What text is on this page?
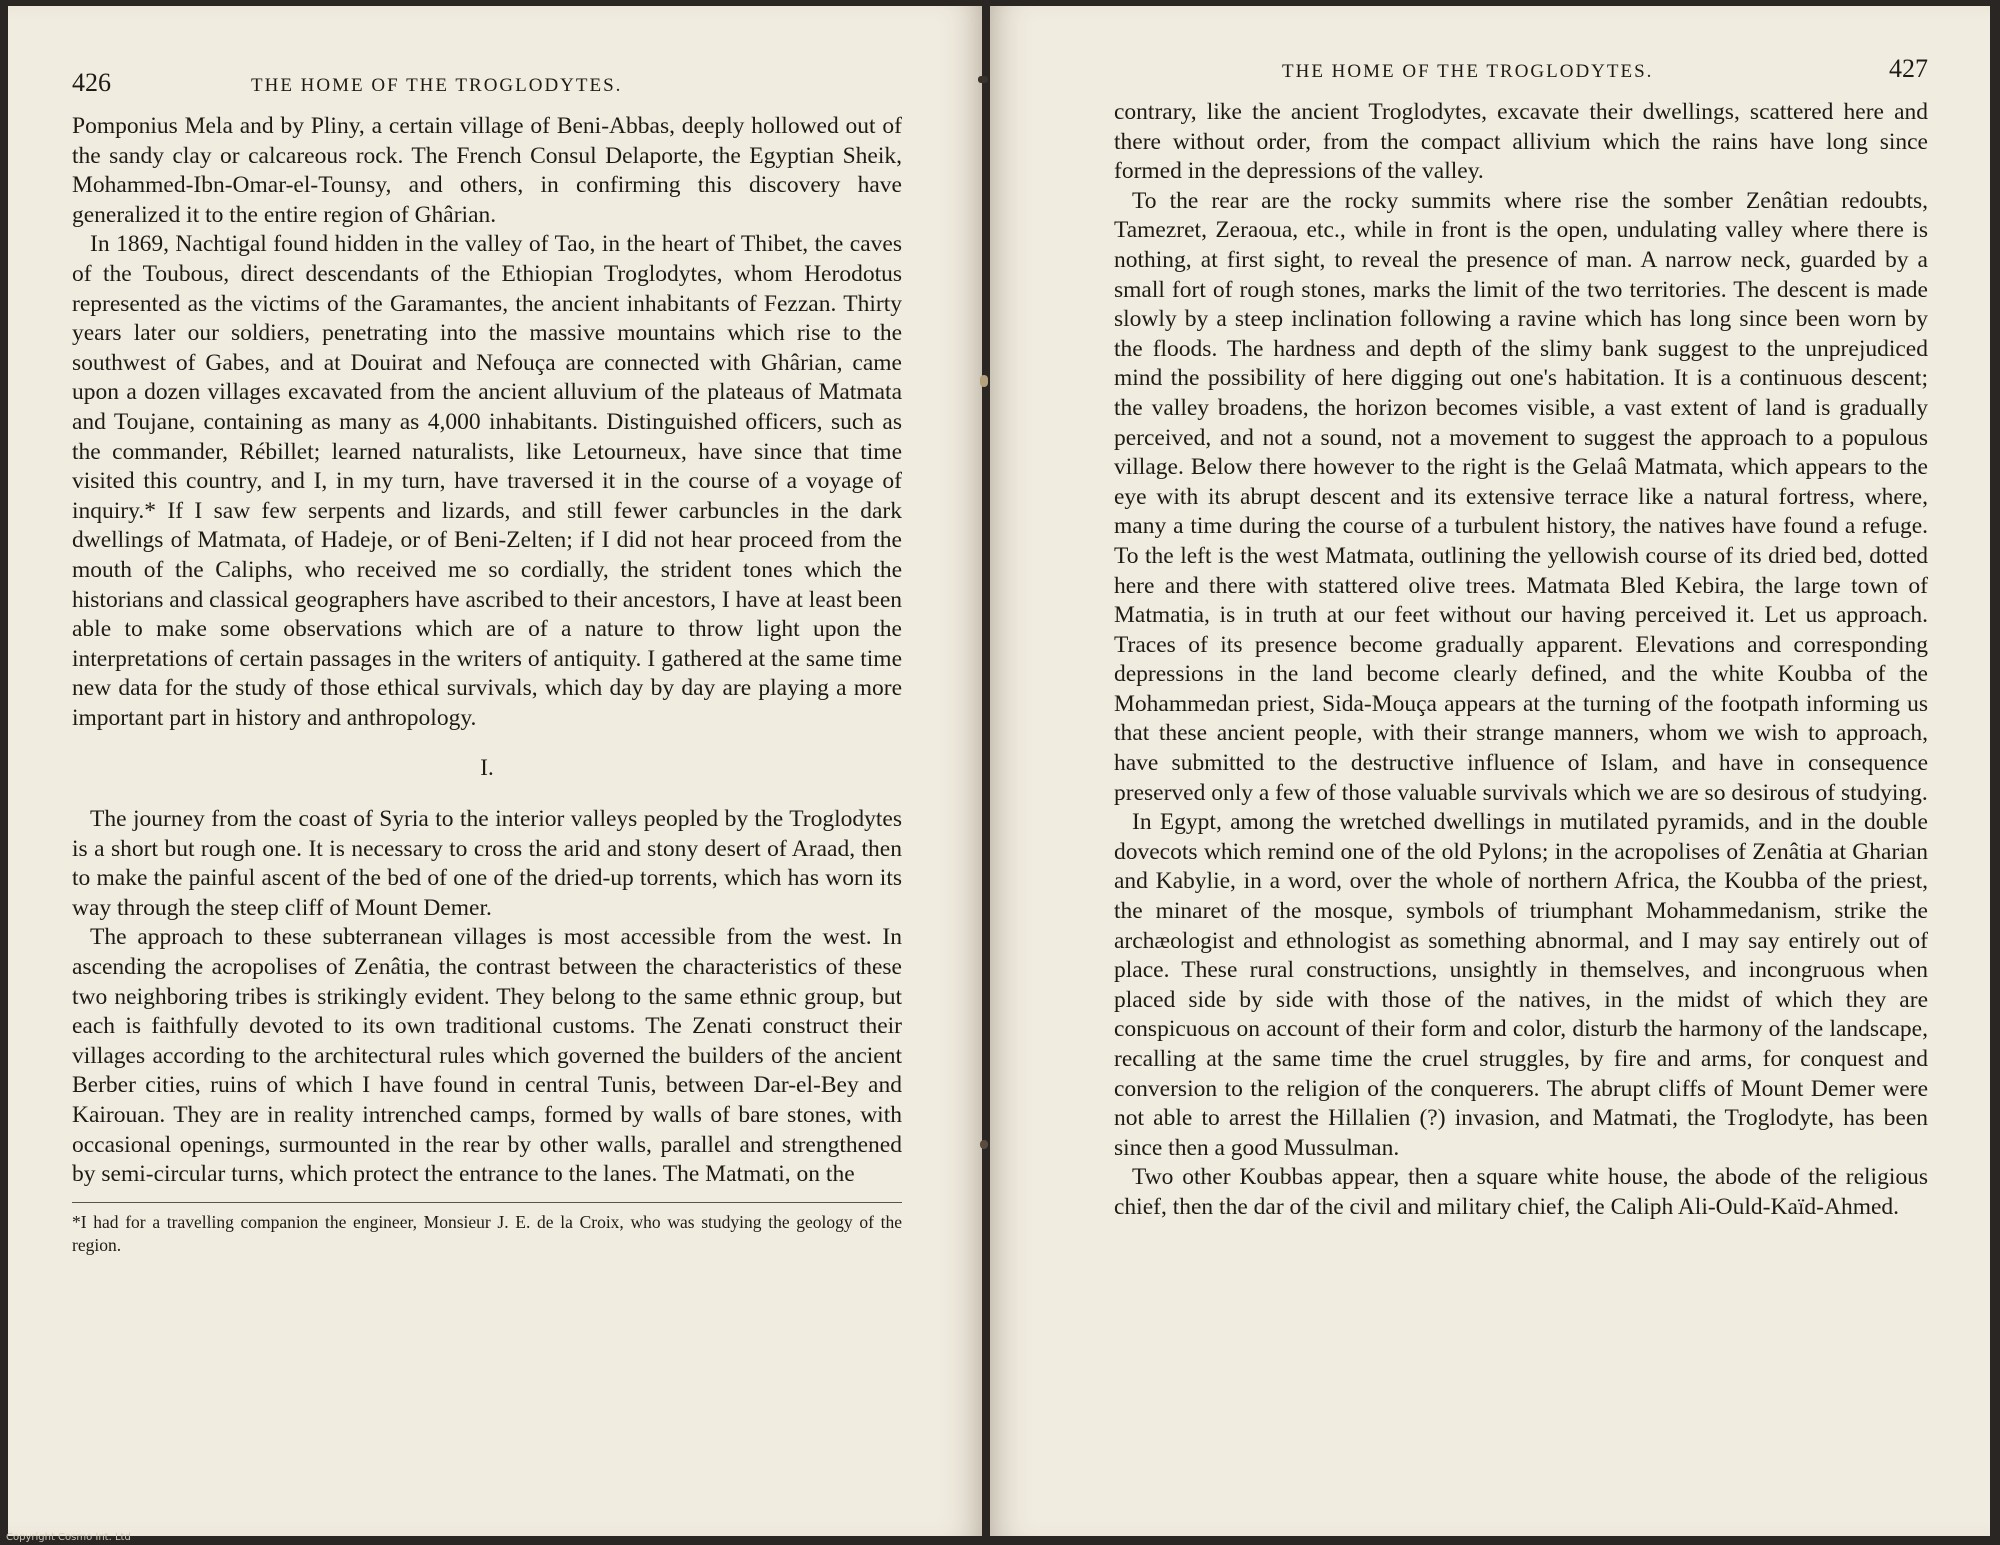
426	THE HOME OF THE TROGLODYTES.

Pomponius Mela and by Pliny, a certain village of Beni-Abbas, deeply hollowed out of the sandy clay or calcareous rock. The French Consul Delaporte, the Egyptian Sheik, Mohammed-Ibn-Omar-el-Tounsy, and others, in confirming this discovery have generalized it to the entire region of Ghârian.

In 1869, Nachtigal found hidden in the valley of Tao, in the heart of Thibet, the caves of the Toubous, direct descendants of the Ethiopian Troglodytes, whom Herodotus represented as the victims of the Garamantes, the ancient inhabitants of Fezzan. Thirty years later our soldiers, penetrating into the massive mountains which rise to the southwest of Gabes, and at Douirat and Nefouça are connected with Ghârian, came upon a dozen villages excavated from the ancient alluvium of the plateaus of Matmata and Toujane, containing as many as 4,000 inhabitants. Distinguished officers, such as the commander, Rébillet; learned naturalists, like Letourneux, have since that time visited this country, and I, in my turn, have traversed it in the course of a voyage of inquiry.* If I saw few serpents and lizards, and still fewer carbuncles in the dark dwellings of Matmata, of Hadeje, or of Beni-Zelten; if I did not hear proceed from the mouth of the Caliphs, who received me so cordially, the strident tones which the historians and classical geographers have ascribed to their ancestors, I have at least been able to make some observations which are of a nature to throw light upon the interpretations of certain passages in the writers of antiquity. I gathered at the same time new data for the study of those ethical survivals, which day by day are playing a more important part in history and anthropology.

I.

The journey from the coast of Syria to the interior valleys peopled by the Troglodytes is a short but rough one. It is necessary to cross the arid and stony desert of Araad, then to make the painful ascent of the bed of one of the dried-up torrents, which has worn its way through the steep cliff of Mount Demer.

The approach to these subterranean villages is most accessible from the west. In ascending the acropolises of Zenâtia, the contrast between the characteristics of these two neighboring tribes is strikingly evident. They belong to the same ethnic group, but each is faithfully devoted to its own traditional customs. The Zenati construct their villages according to the architectural rules which governed the builders of the ancient Berber cities, ruins of which I have found in central Tunis, between Dar-el-Bey and Kairouan. They are in reality intrenched camps, formed by walls of bare stones, with occasional openings, surmounted in the rear by other walls, parallel and strengthened by semi-circular turns, which protect the entrance to the lanes. The Matmati, on the

*I had for a travelling companion the engineer, Monsieur J. E. de la Croix, who was studying the geology of the region.
THE HOME OF THE TROGLODYTES.	427

contrary, like the ancient Troglodytes, excavate their dwellings, scattered here and there without order, from the compact allivium which the rains have long since formed in the depressions of the valley.

To the rear are the rocky summits where rise the somber Zenâtian redoubts, Tamezret, Zeraoua, etc., while in front is the open, undulating valley where there is nothing, at first sight, to reveal the presence of man. A narrow neck, guarded by a small fort of rough stones, marks the limit of the two territories. The descent is made slowly by a steep inclination following a ravine which has long since been worn by the floods. The hardness and depth of the slimy bank suggest to the unprejudiced mind the possibility of here digging out one's habitation. It is a continuous descent; the valley broadens, the horizon becomes visible, a vast extent of land is gradually perceived, and not a sound, not a movement to suggest the approach to a populous village. Below there however to the right is the Gelaâ Matmata, which appears to the eye with its abrupt descent and its extensive terrace like a natural fortress, where, many a time during the course of a turbulent history, the natives have found a refuge. To the left is the west Matmata, outlining the yellowish course of its dried bed, dotted here and there with stattered olive trees. Matmata Bled Kebira, the large town of Matmatia, is in truth at our feet without our having perceived it. Let us approach. Traces of its presence become gradually apparent. Elevations and corresponding depressions in the land become clearly defined, and the white Koubba of the Mohammedan priest, Sida-Mouça appears at the turning of the footpath informing us that these ancient people, with their strange manners, whom we wish to approach, have submitted to the destructive influence of Islam, and have in consequence preserved only a few of those valuable survivals which we are so desirous of studying.

In Egypt, among the wretched dwellings in mutilated pyramids, and in the double dovecots which remind one of the old Pylons; in the acropolises of Zenâtia at Gharian and Kabylie, in a word, over the whole of northern Africa, the Koubba of the priest, the minaret of the mosque, symbols of triumphant Mohammedanism, strike the archæologist and ethnologist as something abnormal, and I may say entirely out of place. These rural constructions, unsightly in themselves, and incongruous when placed side by side with those of the natives, in the midst of which they are conspicuous on account of their form and color, disturb the harmony of the landscape, recalling at the same time the cruel struggles, by fire and arms, for conquest and conversion to the religion of the conquerers. The abrupt cliffs of Mount Demer were not able to arrest the Hillalien (?) invasion, and Matmati, the Troglodyte, has been since then a good Mussulman.

Two other Koubbas appear, then a square white house, the abode of the religious chief, then the dar of the civil and military chief, the Caliph Ali-Ould-Kaïd-Ahmed.

Copyright Cosmo Int. Ltd
